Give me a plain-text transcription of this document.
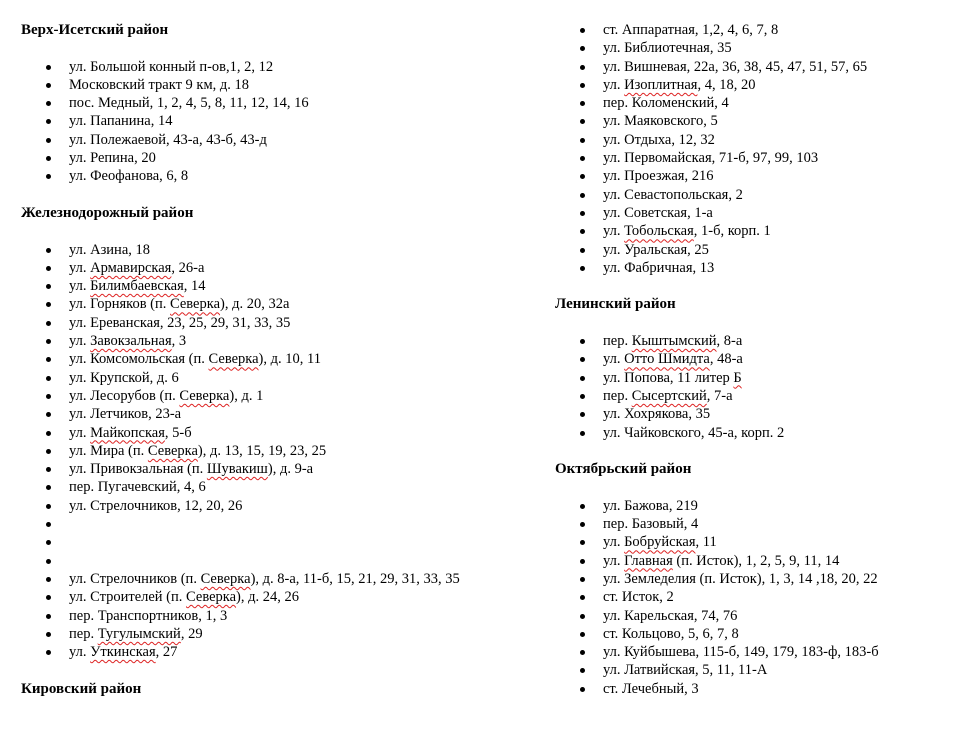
Верх-Исетский район
ул. Большой конный п-ов,1, 2, 12
Московский тракт 9 км, д. 18
пос. Медный, 1, 2, 4, 5, 8, 11, 12, 14, 16
ул. Папанина, 14
ул. Полежаевой, 43-а, 43-б, 43-д
ул. Репина, 20
ул. Феофанова, 6, 8
Железнодорожный район
ул. Азина, 18
ул. Армавирская, 26-а
ул. Билимбаевская, 14
ул. Горняков (п. Северка), д. 20, 32а
ул. Ереванская, 23, 25, 29, 31, 33, 35
ул. Завокзальная, 3
ул. Комсомольская (п. Северка), д. 10, 11
ул. Крупской, д. 6
ул. Лесорубов (п. Северка), д. 1
ул. Летчиков, 23-а
ул. Майкопская, 5-б
ул. Мира (п. Северка), д. 13, 15, 19, 23, 25
ул. Привокзальная (п. Шувакиш), д. 9-а
пер. Пугачевский, 4, 6
ул. Стрелочников, 12, 20, 26
ул. Стрелочников (п. Северка), д. 8-а, 11-б, 15, 21, 29, 31, 33, 35
ул. Строителей (п. Северка), д. 24, 26
пер. Транспортников, 1, 3
пер. Тугулымский, 29
ул. Уткинская, 27
Кировский район
ст. Аппаратная, 1,2, 4, 6, 7, 8
ул. Библиотечная, 35
ул. Вишневая, 22а, 36, 38, 45, 47, 51, 57, 65
ул. Изоплитная, 4, 18, 20
пер. Коломенский, 4
ул. Маяковского, 5
ул. Отдыха, 12, 32
ул. Первомайская, 71-б, 97, 99, 103
ул. Проезжая, 216
ул. Севастопольская, 2
ул. Советская, 1-а
ул. Тобольская, 1-б, корп. 1
ул. Уральская, 25
ул. Фабричная, 13
Ленинский район
пер. Кыштымский, 8-а
ул. Отто Шмидта, 48-а
ул. Попова, 11 литер Б
пер. Сысертский, 7-а
ул. Хохрякова, 35
ул. Чайковского, 45-а, корп. 2
Октябрьский район
ул. Бажова, 219
пер. Базовый, 4
ул. Бобруйская, 11
ул. Главная (п. Исток), 1, 2, 5, 9, 11, 14
ул. Земледелия (п. Исток), 1, 3, 14 ,18, 20, 22
ст. Исток, 2
ул. Карельская, 74, 76
ст. Кольцово, 5, 6, 7, 8
ул. Куйбышева, 115-б, 149, 179, 183-ф, 183-б
ул. Латвийская, 5, 11, 11-А
ст. Лечебный, 3
